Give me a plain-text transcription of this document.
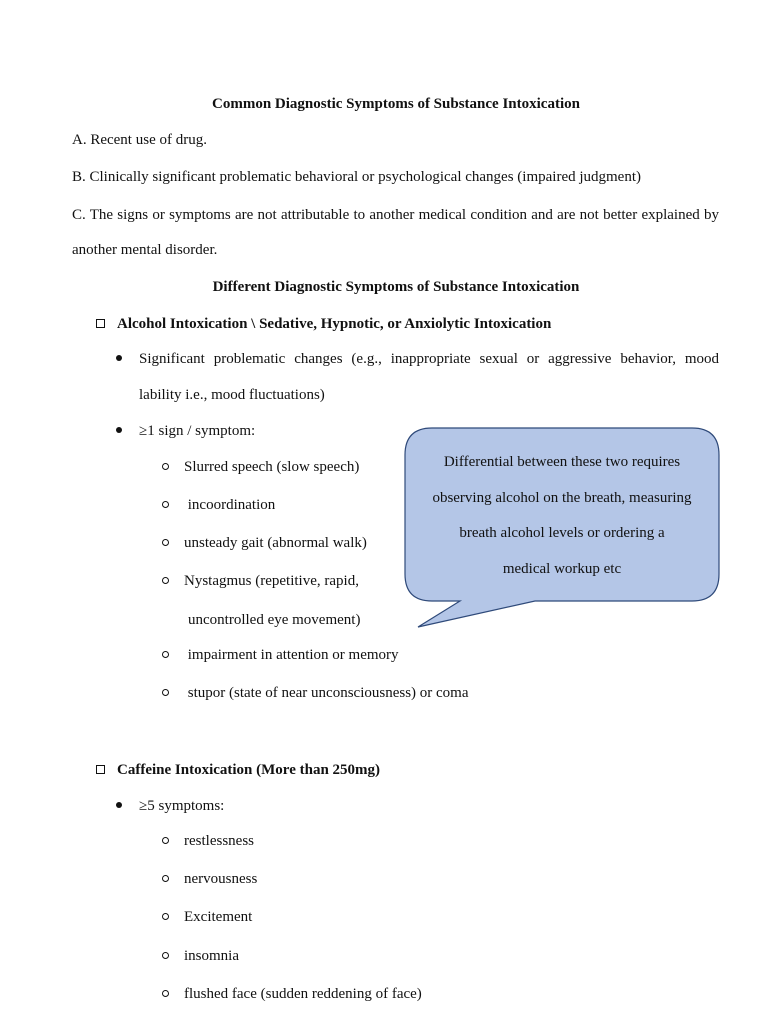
Common Diagnostic Symptoms of Substance Intoxication
A. Recent use of drug.
B. Clinically significant problematic behavioral or psychological changes (impaired judgment)
C. The signs or symptoms are not attributable to another medical condition and are not better explained by
another mental disorder.
Different Diagnostic Symptoms of Substance Intoxication
Alcohol Intoxication \ Sedative, Hypnotic, or Anxiolytic Intoxication
Significant problematic changes (e.g., inappropriate sexual or aggressive behavior, mood
lability i.e., mood fluctuations)
≥1 sign / symptom:
Slurred speech (slow speech)
incoordination
unsteady gait (abnormal walk)
Nystagmus (repetitive, rapid,
uncontrolled eye movement)
impairment in attention or memory
stupor (state of near unconsciousness) or coma
Differential between these two requires
observing alcohol on the breath, measuring
breath alcohol levels or ordering a
medical workup etc
Caffeine Intoxication (More than 250mg)
≥5 symptoms:
restlessness
nervousness
Excitement
insomnia
flushed face (sudden reddening of face)
